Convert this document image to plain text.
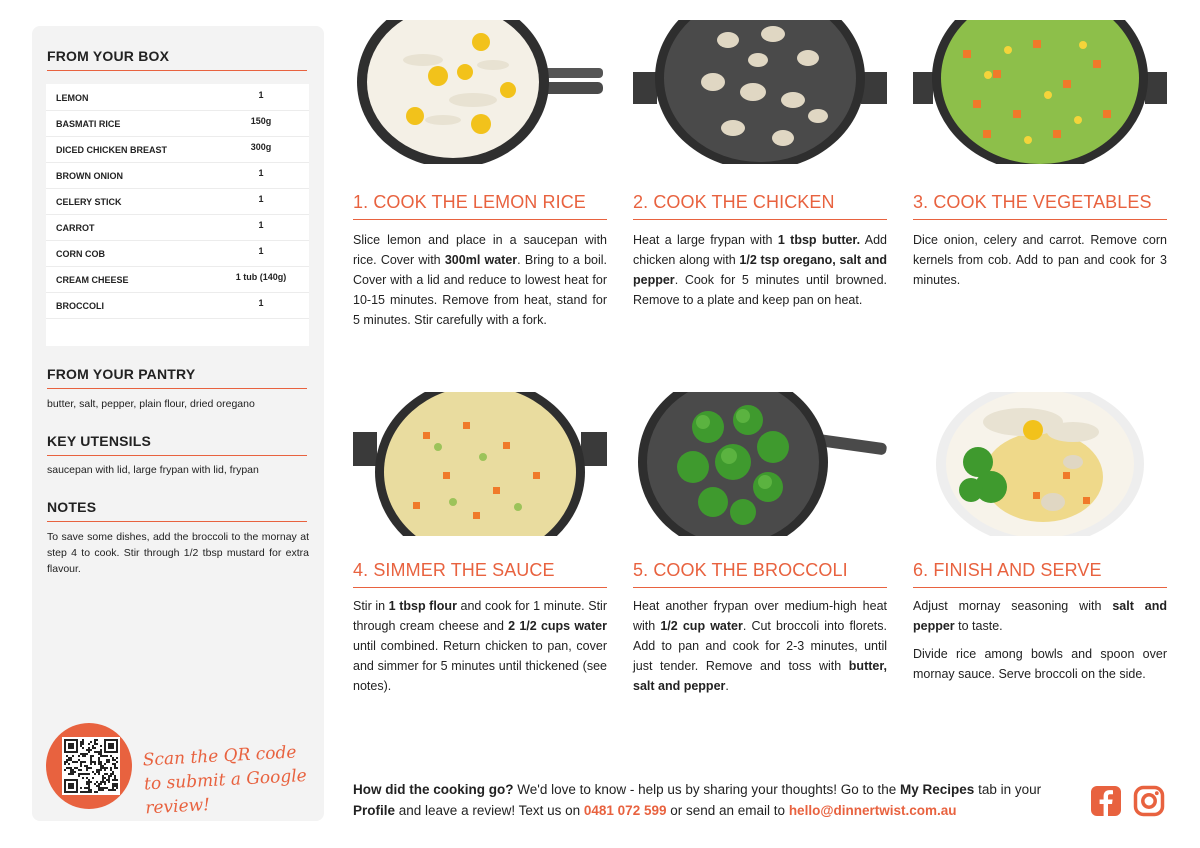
FROM YOUR BOX
LEMON	1
BASMATI RICE	150g
DICED CHICKEN BREAST	300g
BROWN ONION	1
CELERY STICK	1
CARROT	1
CORN COB	1
CREAM CHEESE	1 tub (140g)
BROCCOLI	1
FROM YOUR PANTRY
butter, salt, pepper, plain flour, dried oregano
KEY UTENSILS
saucepan with lid, large frypan with lid, frypan
NOTES
To save some dishes, add the broccoli to the mornay at step 4 to cook. Stir through 1/2 tbsp mustard for extra flavour.
Scan the QR code to submit a Google review!
1. COOK THE LEMON RICE

Slice lemon and place in a saucepan with rice. Cover with 300ml water. Bring to a boil. Cover with a lid and reduce to lowest heat for 10-15 minutes. Remove from heat, stand for 5 minutes. Stir carefully with a fork.

2. COOK THE CHICKEN

Heat a large frypan with 1 tbsp butter. Add chicken along with 1/2 tsp oregano, salt and pepper. Cook for 5 minutes until browned. Remove to a plate and keep pan on heat.

3. COOK THE VEGETABLES

Dice onion, celery and carrot. Remove corn kernels from cob. Add to pan and cook for 3 minutes.

4. SIMMER THE SAUCE

Stir in 1 tbsp flour and cook for 1 minute. Stir through cream cheese and 2 1/2 cups water until combined. Return chicken to pan, cover and simmer for 5 minutes until thickened (see notes).

5. COOK THE BROCCOLI

Heat another frypan over medium-high heat with 1/2 cup water. Cut broccoli into florets. Add to pan and cook for 2-3 minutes, until just tender. Remove and toss with butter, salt and pepper.

6. FINISH AND SERVE

Adjust mornay seasoning with salt and pepper to taste.

Divide rice among bowls and spoon over mornay sauce. Serve broccoli on the side.

How did the cooking go? We'd love to know - help us by sharing your thoughts! Go to the My Recipes tab in your Profile and leave a review! Text us on 0481 072 599 or send an email to hello@dinnertwist.com.au
